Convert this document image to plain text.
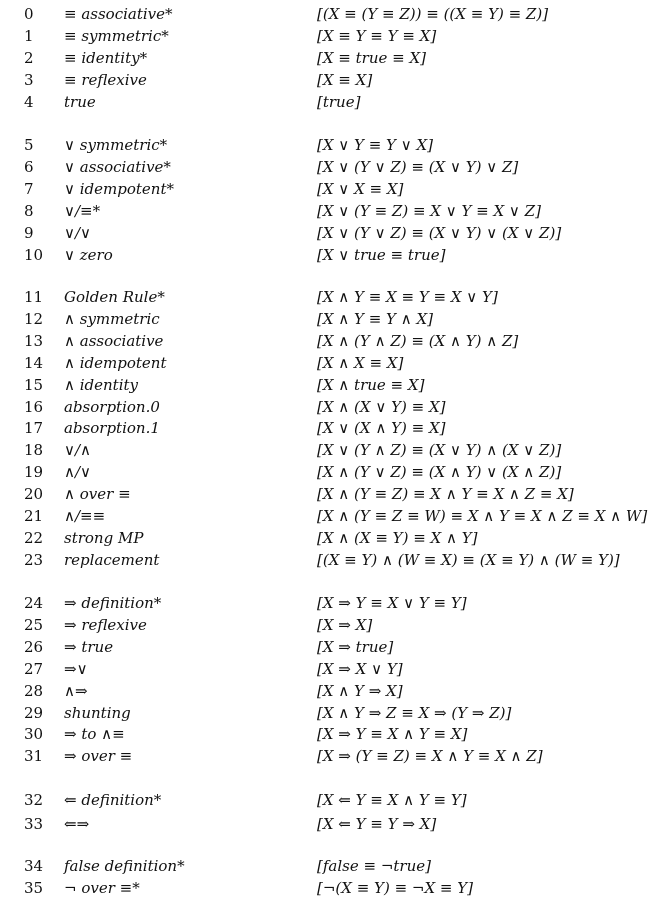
0 ≡ associative*	[(X ≡ (Y ≡ Z)) ≡ ((X ≡ Y) ≡ Z)]
1 ≡ symmetric*	[X ≡ Y ≡ Y ≡ X]
2 ≡ identity*	[X ≡ true ≡ X]
3 ≡ reflexive	[X ≡ X]
4 true	[true]
5 ∨ symmetric*	[X ∨ Y ≡ Y ∨ X]
6 ∨ associative*	[X ∨ (Y ∨ Z) ≡ (X ∨ Y) ∨ Z]
7 ∨ idempotent*	[X ∨ X ≡ X]
8 ∨/≡*	[X ∨ (Y ≡ Z) ≡ X ∨ Y ≡ X ∨ Z]
9 ∨/∨	[X ∨ (Y ∨ Z) ≡ (X ∨ Y) ∨ (X ∨ Z)]
10 ∨ zero	[X ∨ true ≡ true]
11 Golden Rule*	[X ∧ Y ≡ X ≡ Y ≡ X ∨ Y]
12 ∧ symmetric	[X ∧ Y ≡ Y ∧ X]
13 ∧ associative	[X ∧ (Y ∧ Z) ≡ (X ∧ Y) ∧ Z]
14 ∧ idempotent	[X ∧ X ≡ X]
15 ∧ identity	[X ∧ true ≡ X]
16 absorption.0	[X ∧ (X ∨ Y) ≡ X]
17 absorption.1	[X ∨ (X ∧ Y) ≡ X]
18 ∨/∧	[X ∨ (Y ∧ Z) ≡ (X ∨ Y) ∧ (X ∨ Z)]
19 ∧/∨	[X ∧ (Y ∨ Z) ≡ (X ∧ Y) ∨ (X ∧ Z)]
20 ∧ over ≡	[X ∧ (Y ≡ Z) ≡ X ∧ Y ≡ X ∧ Z ≡ X]
21 ∧/≡≡	[X ∧ (Y ≡ Z ≡ W) ≡ X ∧ Y ≡ X ∧ Z ≡ X ∧ W]
22 strong MP	[X ∧ (X ≡ Y) ≡ X ∧ Y]
23 replacement	[(X ≡ Y) ∧ (W ≡ X) ≡ (X ≡ Y) ∧ (W ≡ Y)]
24 ⇒ definition*	[X ⇒ Y ≡ X ∨ Y ≡ Y]
25 ⇒ reflexive	[X ⇒ X]
26 ⇒ true	[X ⇒ true]
27 ⇒∨	[X ⇒ X ∨ Y]
28 ∧⇒	[X ∧ Y ⇒ X]
29 shunting	[X ∧ Y ⇒ Z ≡ X ⇒ (Y ⇒ Z)]
30 ⇒ to ∧≡	[X ⇒ Y ≡ X ∧ Y ≡ X]
31 ⇒ over ≡	[X ⇒ (Y ≡ Z) ≡ X ∧ Y ≡ X ∧ Z]
32 ⇐ definition*	[X ⇐ Y ≡ X ∧ Y ≡ Y]
33 ⇐⇒	[X ⇐ Y ≡ Y ⇒ X]
34 false definition*	[false ≡ ¬true]
35 ¬ over ≡*	[¬(X ≡ Y) ≡ ¬X ≡ Y]
